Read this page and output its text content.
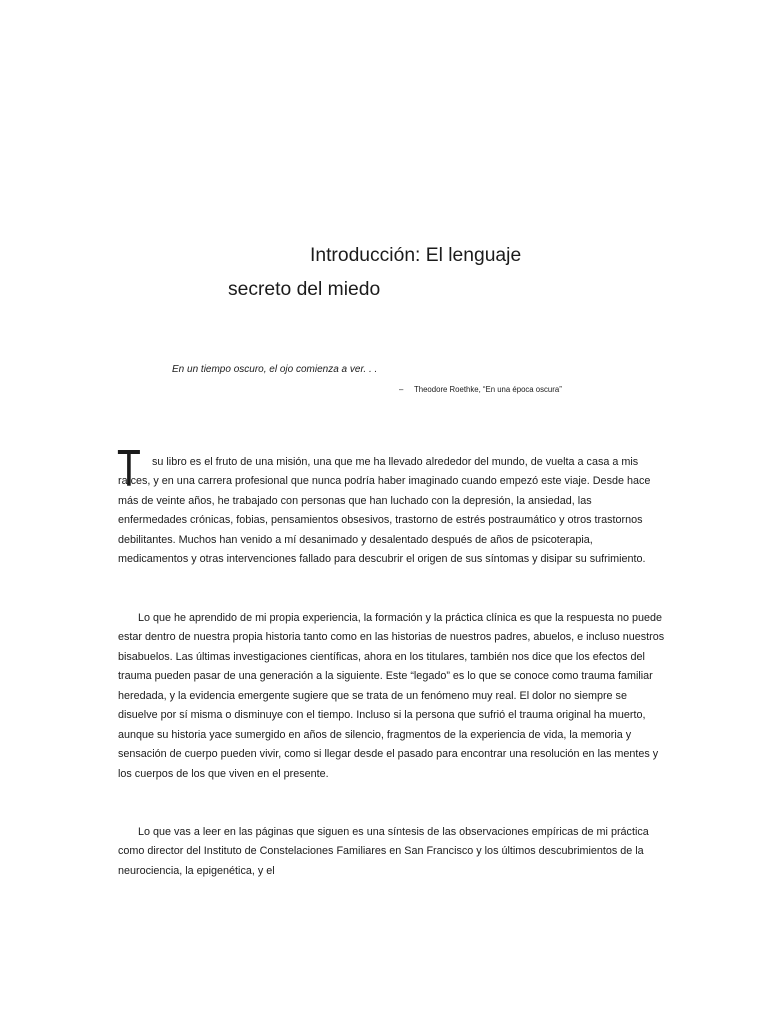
Introducción: El lenguaje
secreto del miedo
En un tiempo oscuro, el ojo comienza a ver. . .
– Theodore Roethke, “En una época oscura”
T	su libro es el fruto de una misión, una que me ha llevado alrededor del mundo, de vuelta a casa a mis
raíces, y en una carrera profesional que nunca podría haber imaginado cuando empezó este viaje. Desde hace
más de veinte años, he trabajado con personas que han luchado con la depresión, la ansiedad, las
enfermedades crónicas, fobias, pensamientos obsesivos, trastorno de estrés postraumático y otros trastornos
debilitantes. Muchos han venido a mí desanimado y desalentado después de años de psicoterapia,
medicamentos y otras intervenciones fallado para descubrir el origen de sus síntomas y disipar su sufrimiento.
Lo que he aprendido de mi propia experiencia, la formación y la práctica clínica es que la respuesta no puede
estar dentro de nuestra propia historia tanto como en las historias de nuestros padres, abuelos, e incluso nuestros
bisabuelos. Las últimas investigaciones científicas, ahora en los titulares, también nos dice que los efectos del
trauma pueden pasar de una generación a la siguiente. Este “legado” es lo que se conoce como trauma familiar
heredada, y la evidencia emergente sugiere que se trata de un fenómeno muy real. El dolor no siempre se
disuelve por sí misma o disminuye con el tiempo. Incluso si la persona que sufrió el trauma original ha muerto,
aunque su historia yace sumergido en años de silencio, fragmentos de la experiencia de vida, la memoria y
sensación de cuerpo pueden vivir, como si llegar desde el pasado para encontrar una resolución en las mentes y
los cuerpos de los que viven en el presente.
Lo que vas a leer en las páginas que siguen es una síntesis de las observaciones empíricas de mi práctica
como director del Instituto de Constelaciones Familiares en San Francisco y los últimos descubrimientos de la
neurociencia, la epigenética, y el
